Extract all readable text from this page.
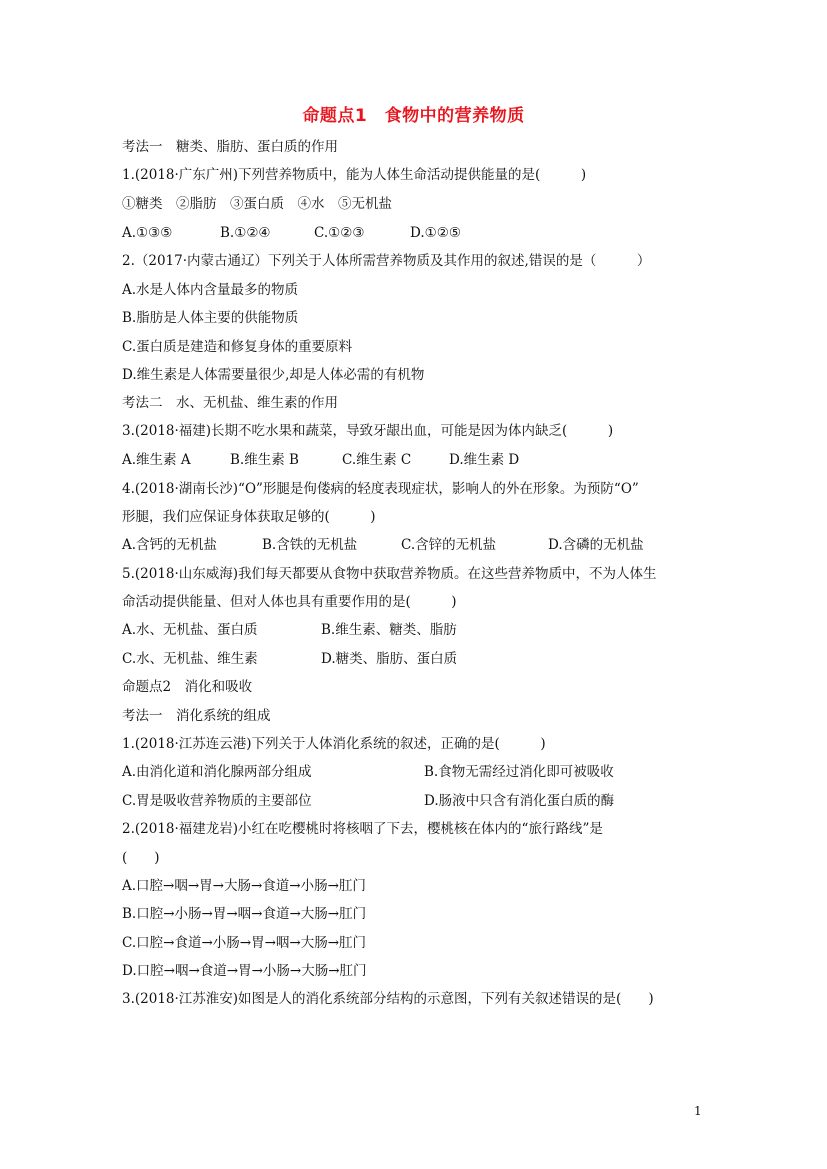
命题点1　食物中的营养物质
考法一　糖类、脂肪、蛋白质的作用
1.(2018·广东广州)下列营养物质中，能为人体生命活动提供能量的是(　　　)
①糖类　②脂肪　③蛋白质　④水　⑤无机盐
A.①③⑤	B.①②④	C.①②③	D.①②⑤
2.（2017·内蒙古通辽）下列关于人体所需营养物质及其作用的叙述,错误的是（　　　）
A.水是人体内含量最多的物质
B.脂肪是人体主要的供能物质
C.蛋白质是建造和修复身体的重要原料
D.维生素是人体需要量很少,却是人体必需的有机物
考法二　水、无机盐、维生素的作用
3.(2018·福建)长期不吃水果和蔬菜，导致牙龈出血，可能是因为体内缺乏(　　　)
A.维生素 A	B.维生素 B	C.维生素 C	D.维生素 D
4.(2018·湖南长沙)“O”形腿是佝偻病的轻度表现症状，影响人的外在形象。为预防“O”
形腿，我们应保证身体获取足够的(　　　)
A.含钙的无机盐	B.含铁的无机盐	C.含锌的无机盐	D.含磷的无机盐
5.(2018·山东威海)我们每天都要从食物中获取营养物质。在这些营养物质中，不为人体生
命活动提供能量、但对人体也具有重要作用的是(　　　)
A.水、无机盐、蛋白质	B.维生素、糖类、脂肪
C.水、无机盐、维生素	D.糖类、脂肪、蛋白质
命题点2　消化和吸收
考法一　消化系统的组成
1.(2018·江苏连云港)下列关于人体消化系统的叙述，正确的是(　　　)
A.由消化道和消化腺两部分组成	B.食物无需经过消化即可被吸收
C.胃是吸收营养物质的主要部位	D.肠液中只含有消化蛋白质的酶
2.(2018·福建龙岩)小红在吃樱桃时将核咽了下去，樱桃核在体内的“旅行路线”是
(　　)
A.口腔→咽→胃→大肠→食道→小肠→肛门
B.口腔→小肠→胃→咽→食道→大肠→肛门
C.口腔→食道→小肠→胃→咽→大肠→肛门
D.口腔→咽→食道→胃→小肠→大肠→肛门
3.(2018·江苏淮安)如图是人的消化系统部分结构的示意图，下列有关叙述错误的是(　　)
1
